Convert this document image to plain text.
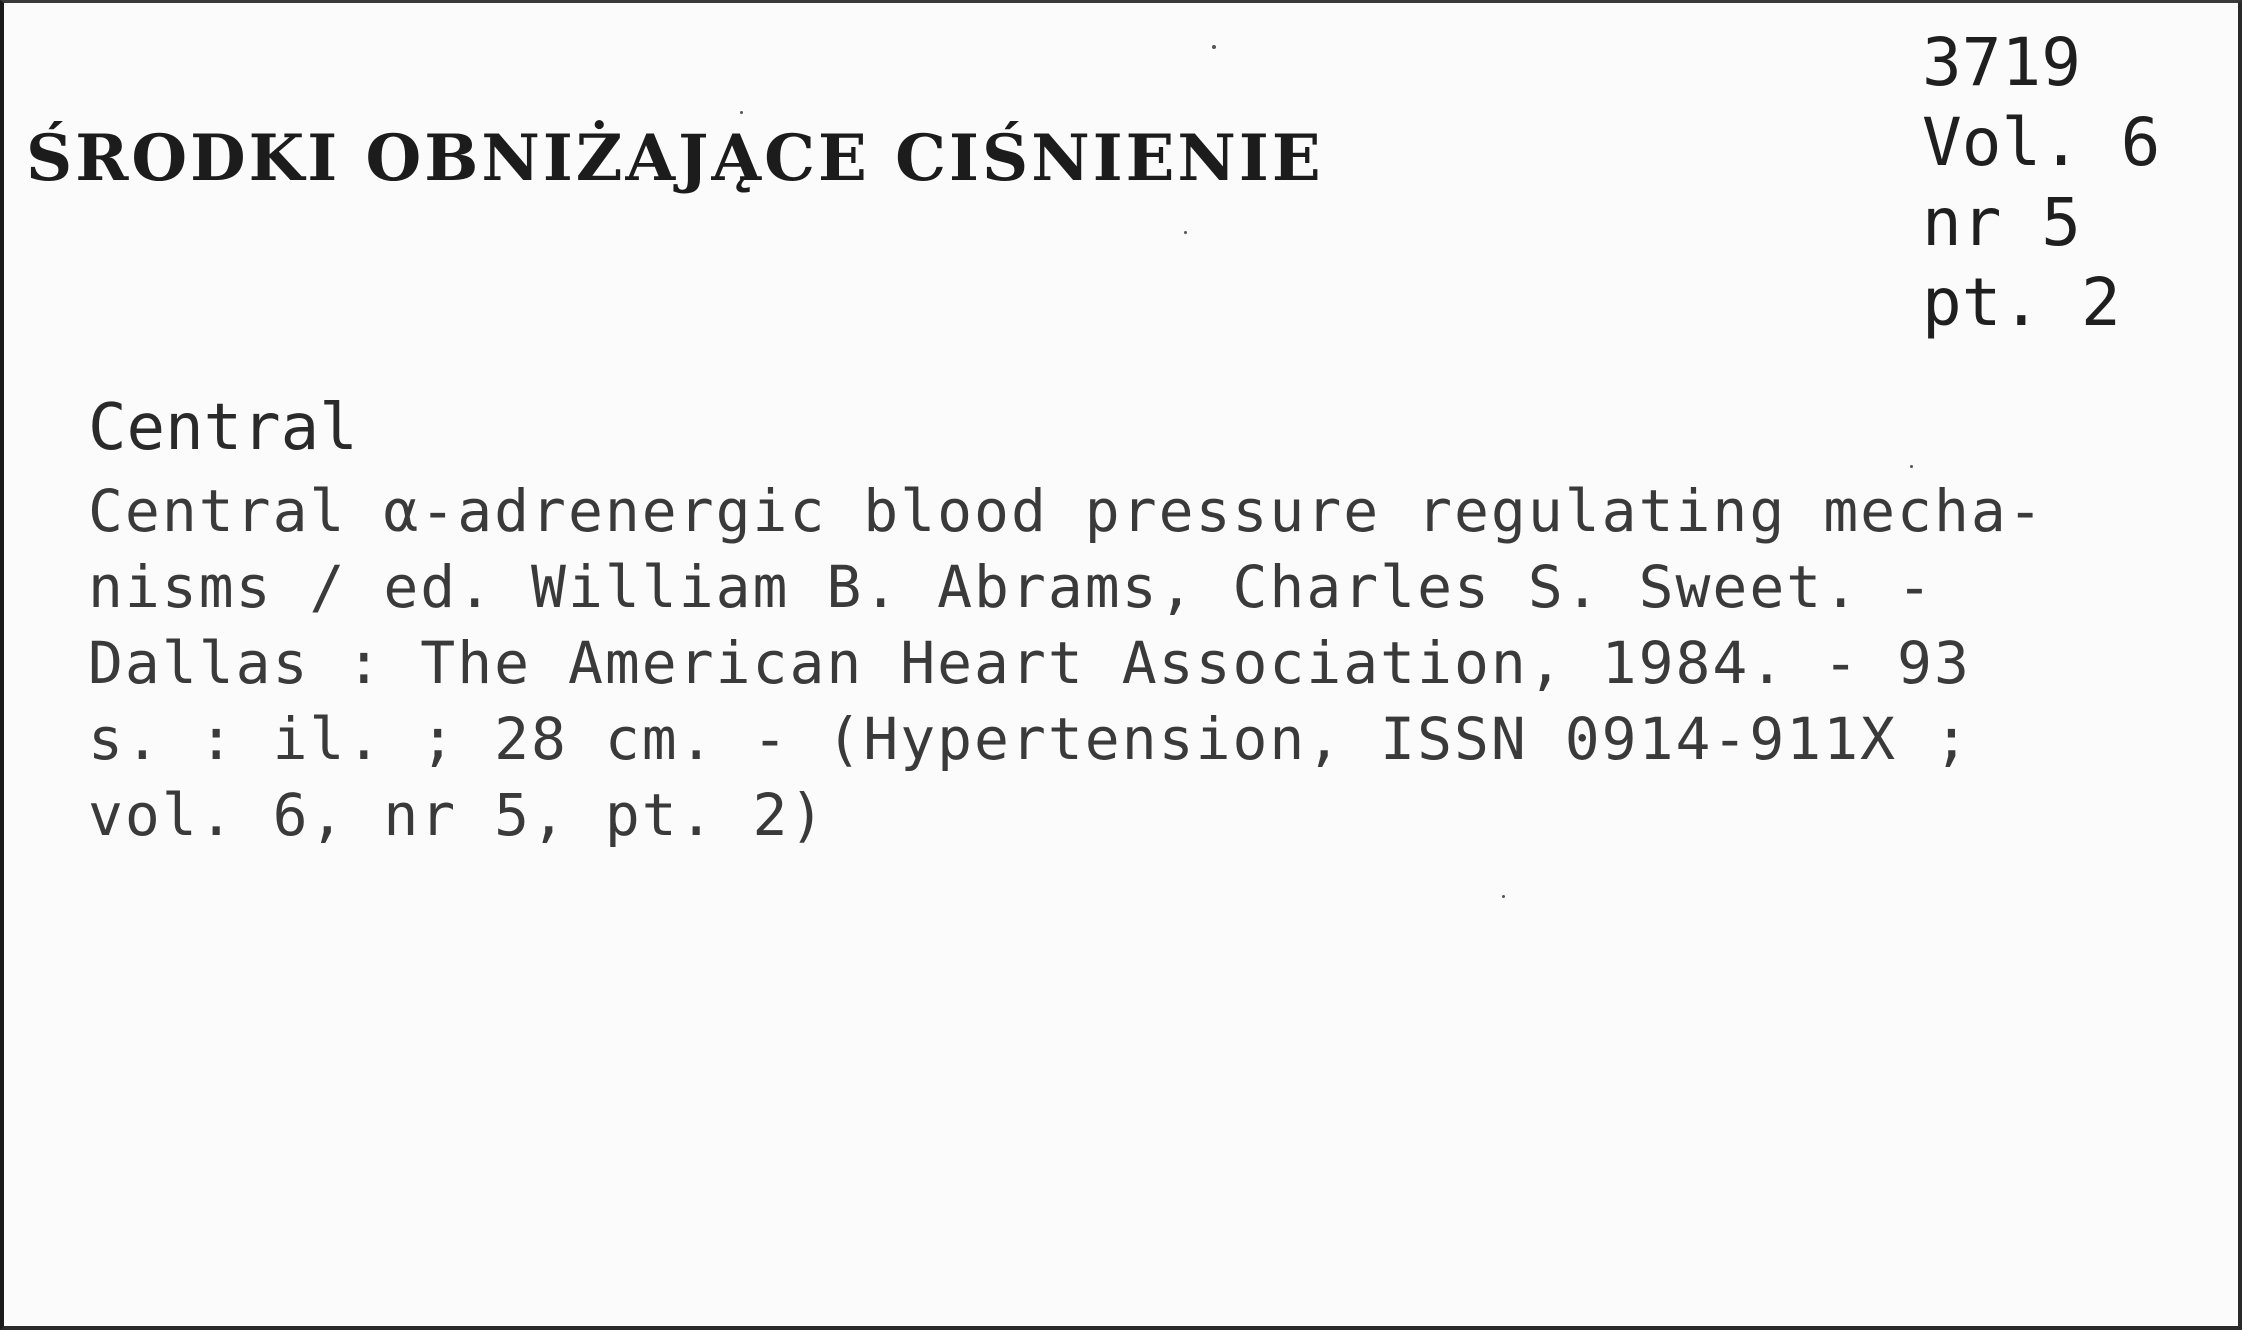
ŚRODKI OBNIŻAJĄCE CIŚNIENIE
3719
Vol. 6
nr 5
pt. 2
Central
Central α-adrenergic blood pressure regulating mecha-
nisms / ed. William B. Abrams, Charles S. Sweet. -
Dallas : The American Heart Association, 1984. - 93
s. : il. ; 28 cm. - (Hypertension, ISSN 0914-911X ;
vol. 6, nr 5, pt. 2)
